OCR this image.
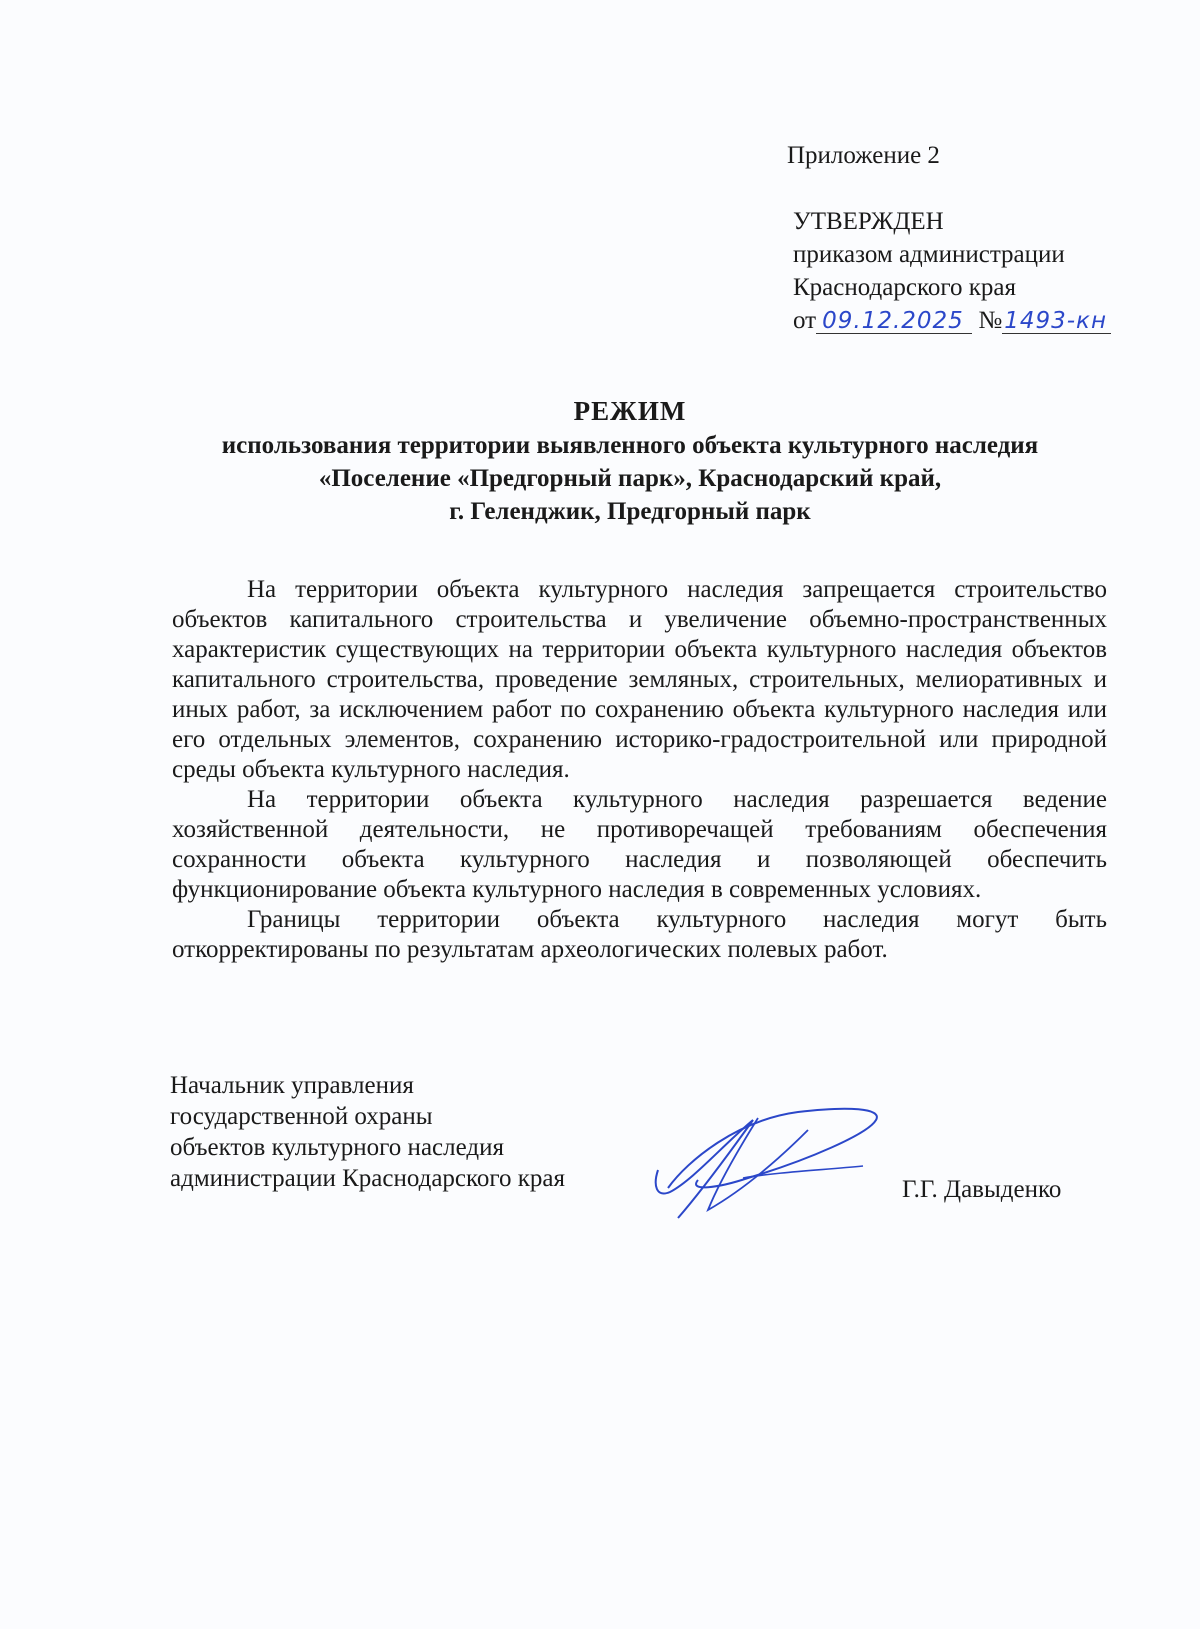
Приложение 2
УТВЕРЖДЕН
приказом администрации
Краснодарского края
от 09.12.2025 №1493-кн
РЕЖИМ
использования территории выявленного объекта культурного наследия
«Поселение «Предгорный парк», Краснодарский край,
г. Геленджик, Предгорный парк

На территории объекта культурного наследия запрещается строительство объектов капитального строительства и увеличение объемно-пространственных характеристик существующих на территории объекта культурного наследия объектов капитального строительства, проведение земляных, строительных, мелиоративных и иных работ, за исключением работ по сохранению объекта культурного наследия или его отдельных элементов, сохранению историко-градостроительной или природной среды объекта культурного наследия.

На территории объекта культурного наследия разрешается ведение хозяйственной деятельности, не противоречащей требованиям обеспечения сохранности объекта культурного наследия и позволяющей обеспечить функционирование объекта культурного наследия в современных условиях.

Границы территории объекта культурного наследия могут быть откорректированы по результатам археологических полевых работ.

Начальник управления
государственной охраны
объектов культурного наследия
администрации Краснодарского края	Г.Г. Давыденко
